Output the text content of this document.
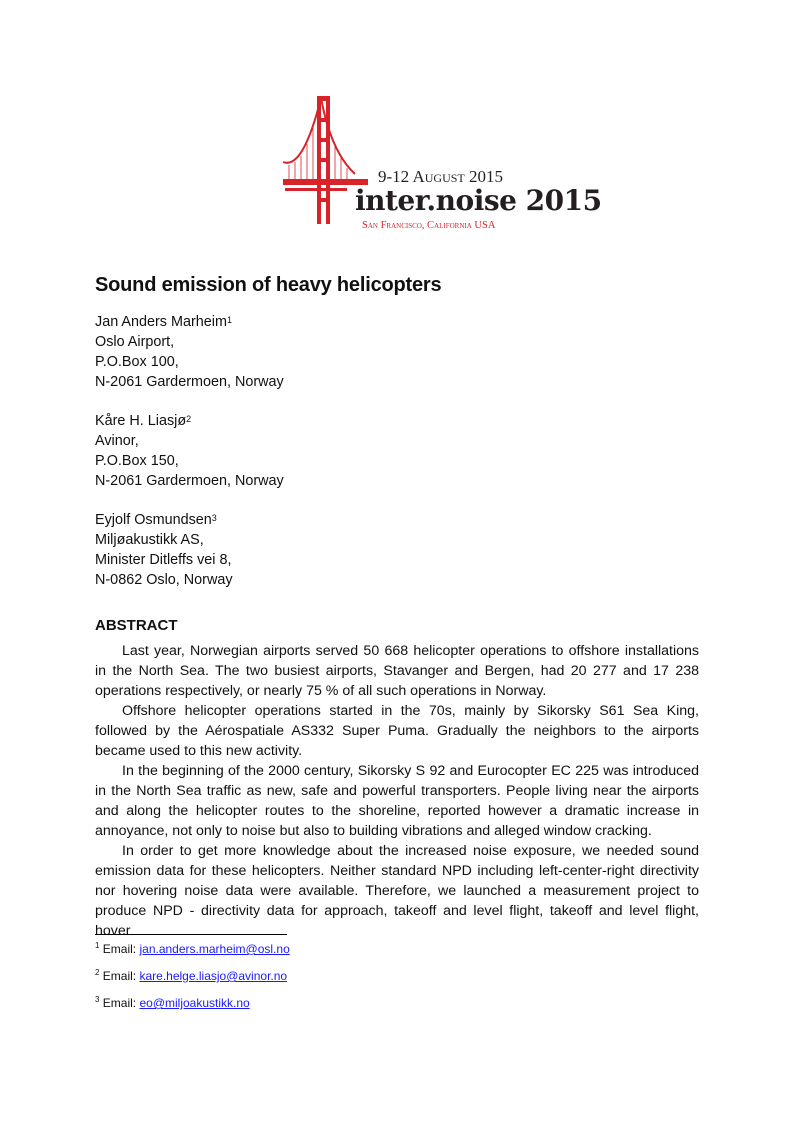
9-12 August 2015
inter.noise 2015
San Francisco, California USA
Sound emission of heavy helicopters
Jan Anders Marheim$^1$
Oslo Airport,
P.O.Box 100,
N-2061 Gardermoen, Norway
Kåre H. Liasjø$^2$
Avinor,
P.O.Box 150,
N-2061 Gardermoen, Norway
Eyjolf Osmundsen$^3$
Miljøakustikk AS,
Minister Ditleffs vei 8,
N-0862 Oslo, Norway
ABSTRACT

Last year, Norwegian airports served 50 668 helicopter operations to offshore installations in the North Sea. The two busiest airports, Stavanger and Bergen, had 20 277 and 17 238 operations respectively, or nearly 75 % of all such operations in Norway.

Offshore helicopter operations started in the 70s, mainly by Sikorsky S61 Sea King, followed by the Aérospatiale AS332 Super Puma. Gradually the neighbors to the airports became used to this new activity.

In the beginning of the 2000 century, Sikorsky S 92 and Eurocopter EC 225 was introduced in the North Sea traffic as new, safe and powerful transporters. People living near the airports and along the helicopter routes to the shoreline, reported however a dramatic increase in annoyance, not only to noise but also to building vibrations and alleged window cracking.

In order to get more knowledge about the increased noise exposure, we needed sound emission data for these helicopters. Neither standard NPD including left-center-right directivity nor hovering noise data were available. Therefore, we launched a measurement project to produce NPD - directivity data for approach, takeoff and level flight, takeoff and level flight, hover

$^1$ Email: jan.anders.marheim@osl.no
$^2$ Email: kare.helge.liasjo@avinor.no
$^3$ Email: eo@miljoakustikk.no
